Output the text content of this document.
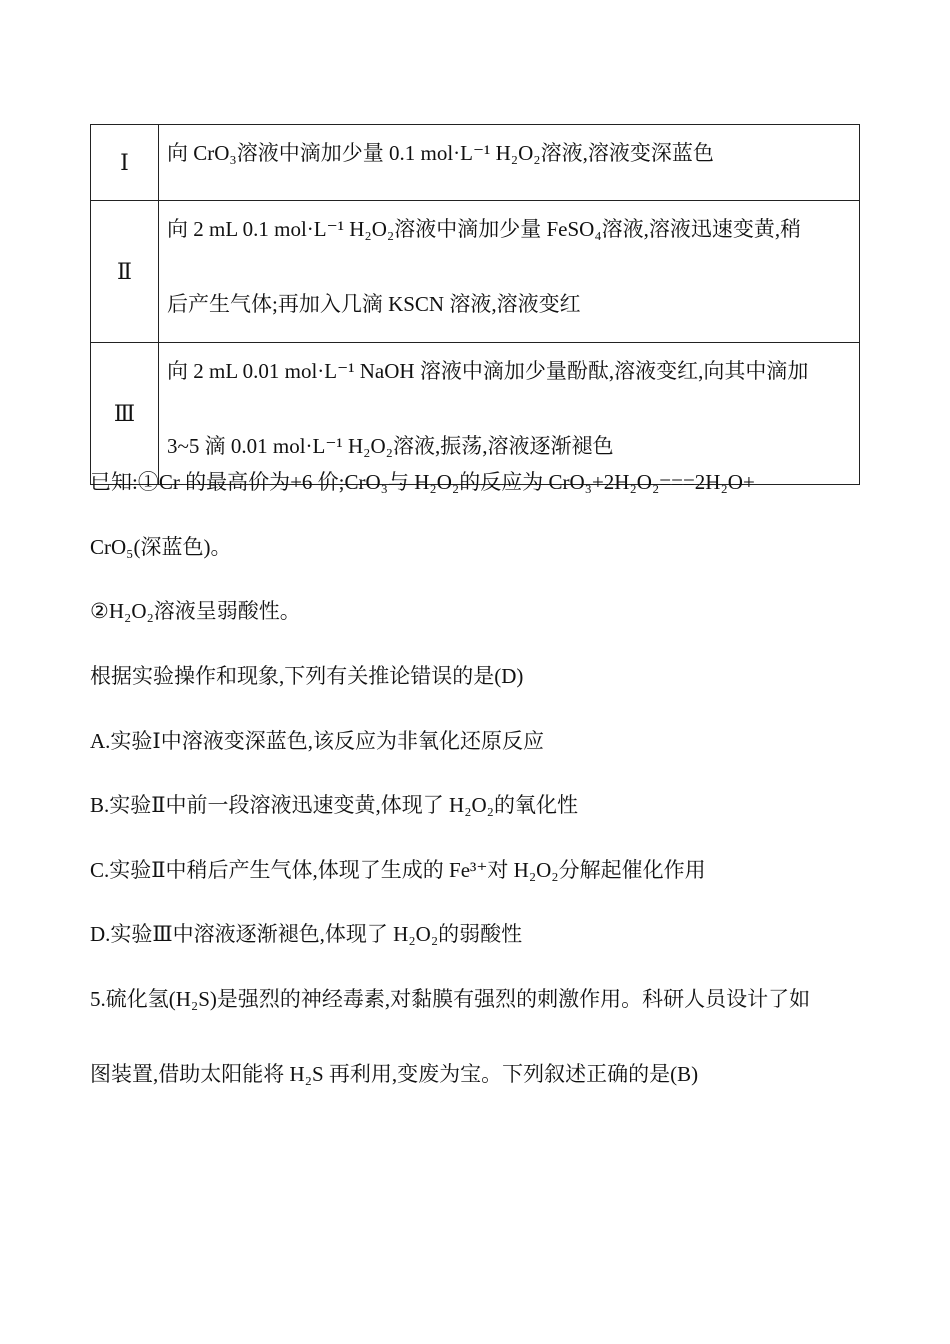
Ⅰ	向 CrO₃溶液中滴加少量 0.1 mol·L⁻¹ H₂O₂溶液,溶液变深蓝色

Ⅱ	向 2 mL 0.1 mol·L⁻¹ H₂O₂溶液中滴加少量 FeSO₄溶液,溶液迅速变黄,稍
后产生气体;再加入几滴 KSCN 溶液,溶液变红

Ⅲ	向 2 mL 0.01 mol·L⁻¹ NaOH 溶液中滴加少量酚酞,溶液变红,向其中滴加
3~5 滴 0.01 mol·L⁻¹ H₂O₂溶液,振荡,溶液逐渐褪色
已知:①Cr 的最高价为+6 价;CrO₃与 H₂O₂的反应为 CrO₃+2H₂O₂===2H₂O+
CrO₅(深蓝色)。
②H₂O₂溶液呈弱酸性。
根据实验操作和现象,下列有关推论错误的是(D)
A.实验Ⅰ中溶液变深蓝色,该反应为非氧化还原反应
B.实验Ⅱ中前一段溶液迅速变黄,体现了 H₂O₂的氧化性
C.实验Ⅱ中稍后产生气体,体现了生成的 Fe³⁺对 H₂O₂分解起催化作用
D.实验Ⅲ中溶液逐渐褪色,体现了 H₂O₂的弱酸性
5.硫化氢(H₂S)是强烈的神经毒素,对黏膜有强烈的刺激作用。科研人员设计了如
图装置,借助太阳能将 H₂S 再利用,变废为宝。下列叙述正确的是(B)
